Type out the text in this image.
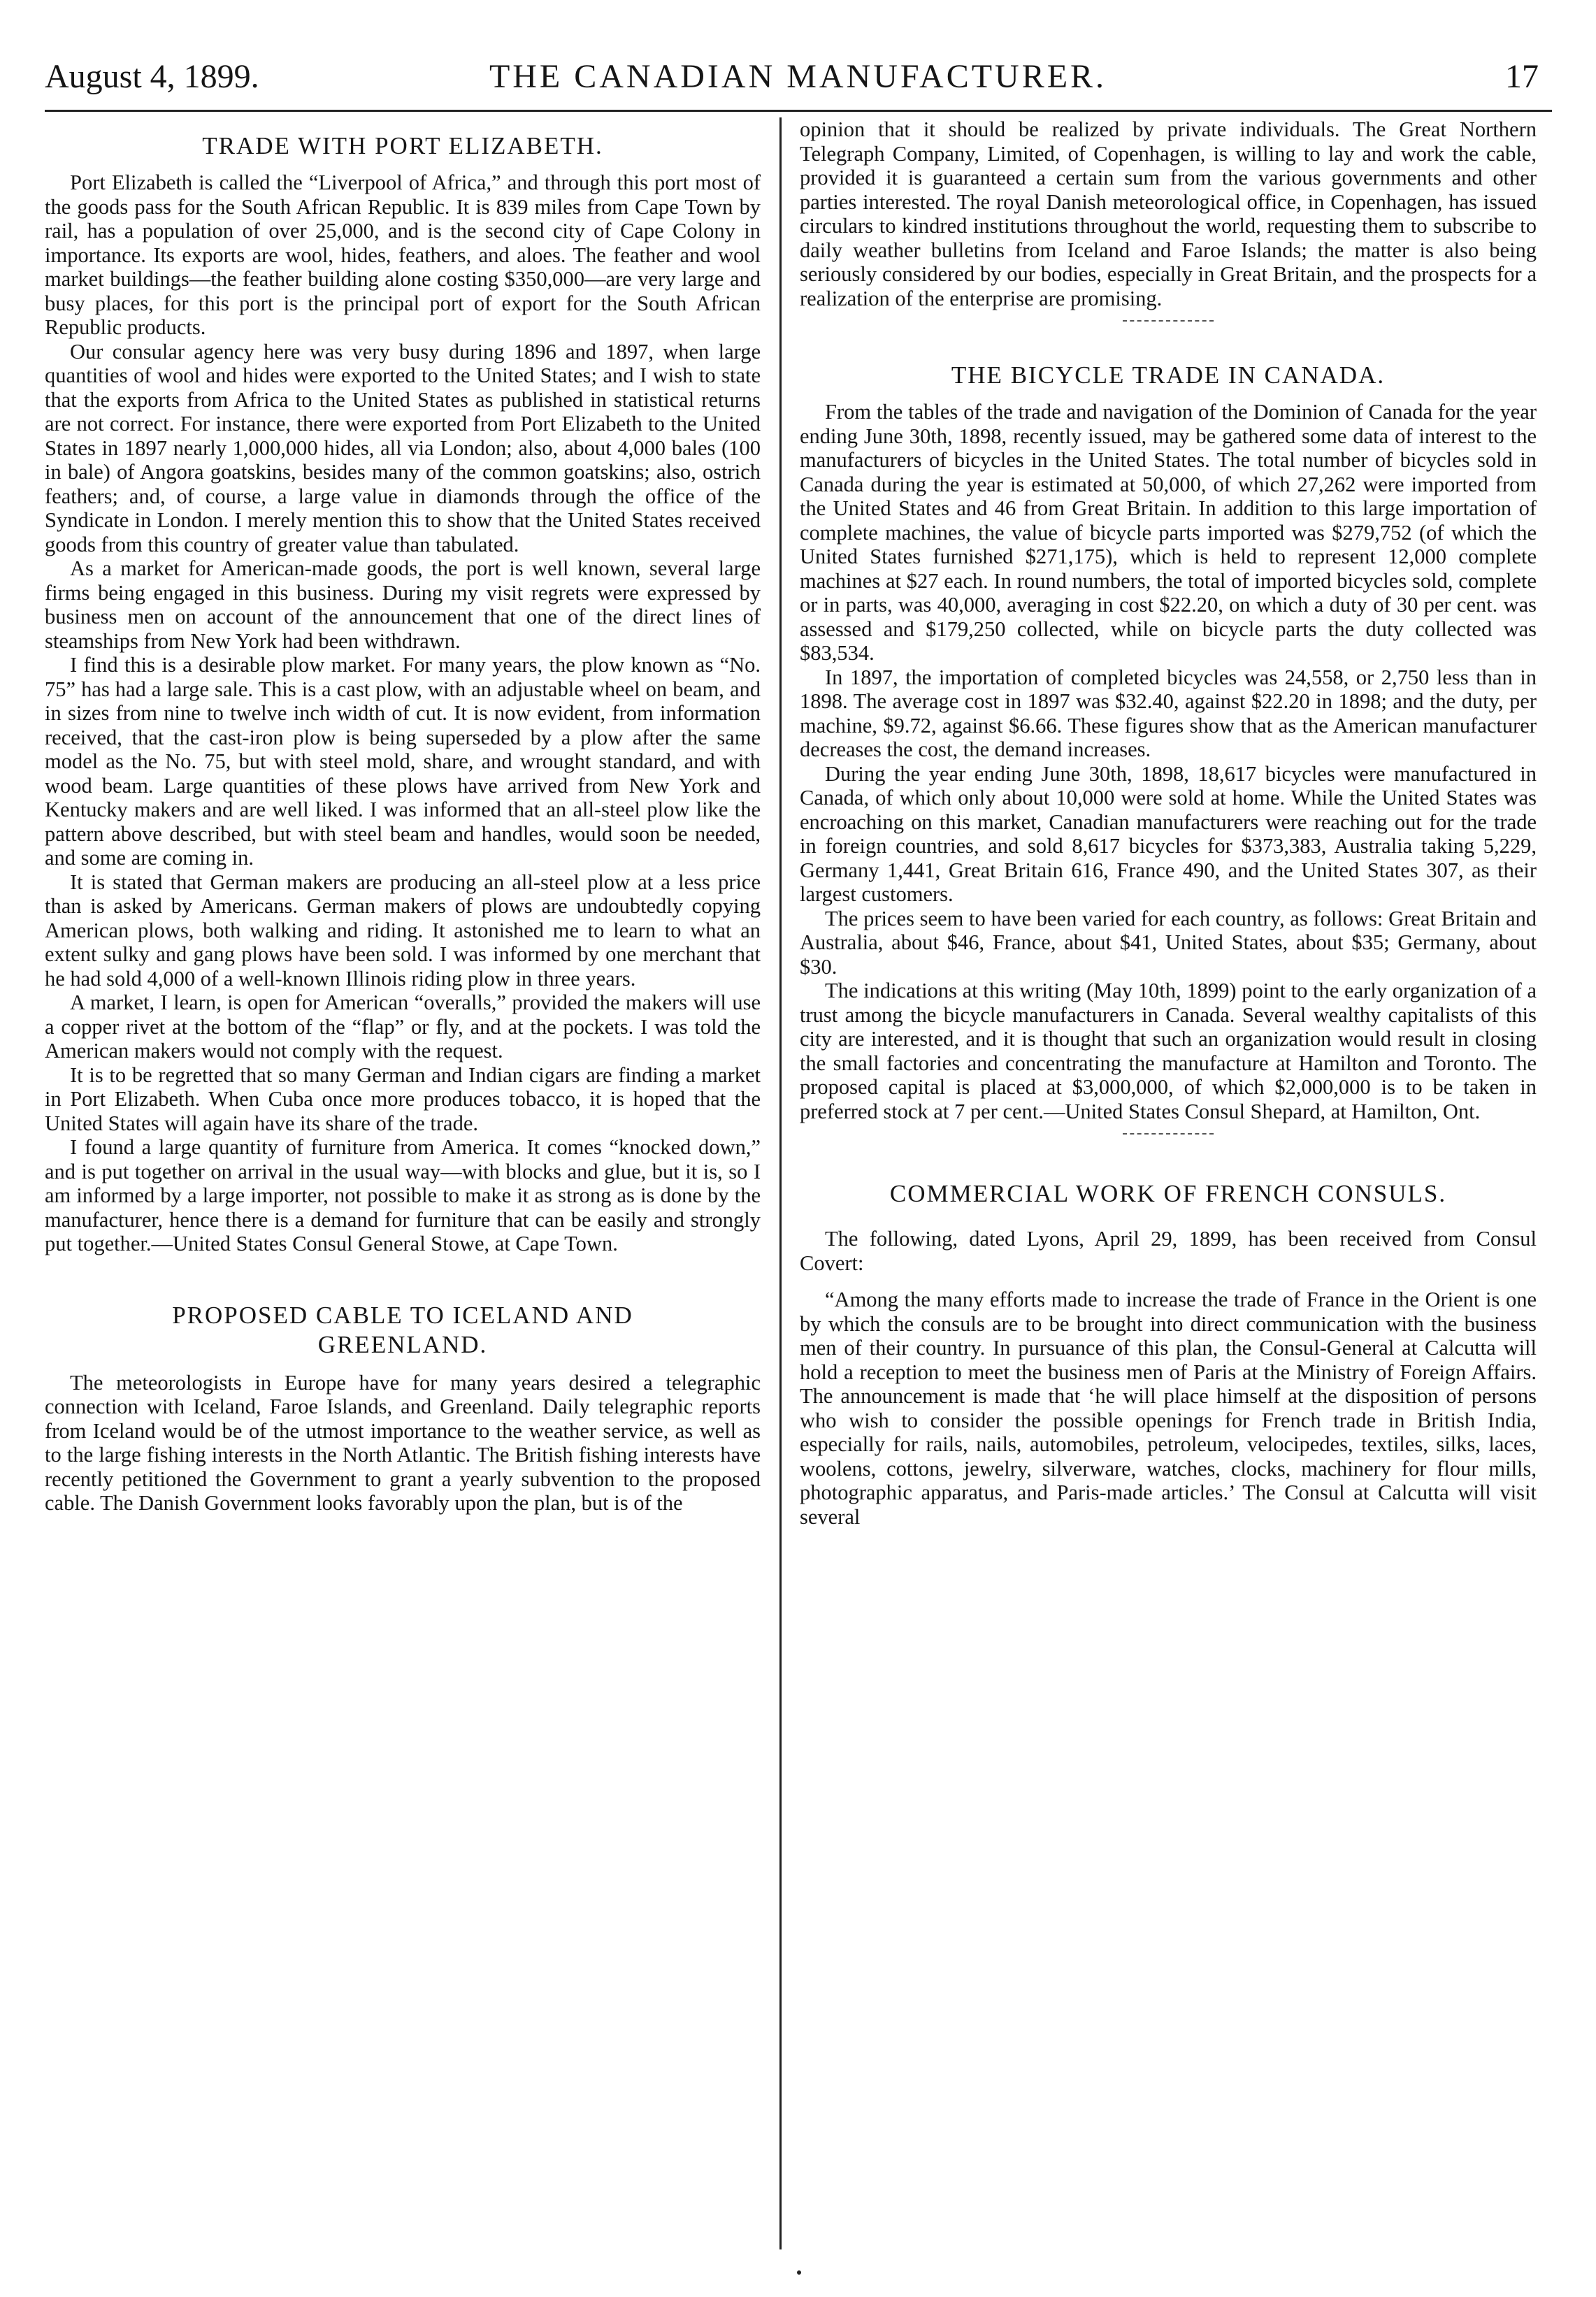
August 4, 1899.	THE CANADIAN MANUFACTURER.	17
TRADE WITH PORT ELIZABETH.

Port Elizabeth is called the “Liverpool of Africa,” and through this port most of the goods pass for the South African Republic. It is 839 miles from Cape Town by rail, has a population of over 25,000, and is the second city of Cape Colony in importance. Its exports are wool, hides, feathers, and aloes. The feather and wool market buildings—the feather building alone costing $350,000—are very large and busy places, for this port is the principal port of export for the South African Republic products.

Our consular agency here was very busy during 1896 and 1897, when large quantities of wool and hides were exported to the United States; and I wish to state that the exports from Africa to the United States as published in statistical returns are not correct. For instance, there were exported from Port Elizabeth to the United States in 1897 nearly 1,000,000 hides, all via London; also, about 4,000 bales (100 in bale) of Angora goatskins, besides many of the common goatskins; also, ostrich feathers; and, of course, a large value in diamonds through the office of the Syndicate in London. I merely mention this to show that the United States received goods from this country of greater value than tabulated.

As a market for American-made goods, the port is well known, several large firms being engaged in this business. During my visit regrets were expressed by business men on account of the announcement that one of the direct lines of steamships from New York had been withdrawn.

I find this is a desirable plow market. For many years, the plow known as “No. 75” has had a large sale. This is a cast plow, with an adjustable wheel on beam, and in sizes from nine to twelve inch width of cut. It is now evident, from information received, that the cast-iron plow is being superseded by a plow after the same model as the No. 75, but with steel mold, share, and wrought standard, and with wood beam. Large quantities of these plows have arrived from New York and Kentucky makers and are well liked. I was informed that an all-steel plow like the pattern above described, but with steel beam and handles, would soon be needed, and some are coming in.

It is stated that German makers are producing an all-steel plow at a less price than is asked by Americans. German makers of plows are undoubtedly copying American plows, both walking and riding. It astonished me to learn to what an extent sulky and gang plows have been sold. I was informed by one merchant that he had sold 4,000 of a well-known Illinois riding plow in three years.

A market, I learn, is open for American “overalls,” provided the makers will use a copper rivet at the bottom of the “flap” or fly, and at the pockets. I was told the American makers would not comply with the request.

It is to be regretted that so many German and Indian cigars are finding a market in Port Elizabeth. When Cuba once more produces tobacco, it is hoped that the United States will again have its share of the trade.

I found a large quantity of furniture from America. It comes “knocked down,” and is put together on arrival in the usual way—with blocks and glue, but it is, so I am informed by a large importer, not possible to make it as strong as is done by the manufacturer, hence there is a demand for furniture that can be easily and strongly put together.—United States Consul General Stowe, at Cape Town.

PROPOSED CABLE TO ICELAND AND
GREENLAND.

The meteorologists in Europe have for many years desired a telegraphic connection with Iceland, Faroe Islands, and Greenland. Daily telegraphic reports from Iceland would be of the utmost importance to the weather service, as well as to the large fishing interests in the North Atlantic. The British fishing interests have recently petitioned the Government to grant a yearly subvention to the proposed cable. The Danish Government looks favorably upon the plan, but is of the

opinion that it should be realized by private individuals. The Great Northern Telegraph Company, Limited, of Copenhagen, is willing to lay and work the cable, provided it is guaranteed a certain sum from the various governments and other parties interested. The royal Danish meteorological office, in Copenhagen, has issued circulars to kindred institutions throughout the world, requesting them to subscribe to daily weather bulletins from Iceland and Faroe Islands; the matter is also being seriously considered by our bodies, especially in Great Britain, and the prospects for a realization of the enterprise are promising.

THE BICYCLE TRADE IN CANADA.

From the tables of the trade and navigation of the Dominion of Canada for the year ending June 30th, 1898, recently issued, may be gathered some data of interest to the manufacturers of bicycles in the United States. The total number of bicycles sold in Canada during the year is estimated at 50,000, of which 27,262 were imported from the United States and 46 from Great Britain. In addition to this large importation of complete machines, the value of bicycle parts imported was $279,752 (of which the United States furnished $271,175), which is held to represent 12,000 complete machines at $27 each. In round numbers, the total of imported bicycles sold, complete or in parts, was 40,000, averaging in cost $22.20, on which a duty of 30 per cent. was assessed and $179,250 collected, while on bicycle parts the duty collected was $83,534.

In 1897, the importation of completed bicycles was 24,558, or 2,750 less than in 1898. The average cost in 1897 was $32.40, against $22.20 in 1898; and the duty, per machine, $9.72, against $6.66. These figures show that as the American manufacturer decreases the cost, the demand increases.

During the year ending June 30th, 1898, 18,617 bicycles were manufactured in Canada, of which only about 10,000 were sold at home. While the United States was encroaching on this market, Canadian manufacturers were reaching out for the trade in foreign countries, and sold 8,617 bicycles for $373,383, Australia taking 5,229, Germany 1,441, Great Britain 616, France 490, and the United States 307, as their largest customers.

The prices seem to have been varied for each country, as follows: Great Britain and Australia, about $46, France, about $41, United States, about $35; Germany, about $30.

The indications at this writing (May 10th, 1899) point to the early organization of a trust among the bicycle manufacturers in Canada. Several wealthy capitalists of this city are interested, and it is thought that such an organization would result in closing the small factories and concentrating the manufacture at Hamilton and Toronto. The proposed capital is placed at $3,000,000, of which $2,000,000 is to be taken in preferred stock at 7 per cent.—United States Consul Shepard, at Hamilton, Ont.

COMMERCIAL WORK OF FRENCH CONSULS.

The following, dated Lyons, April 29, 1899, has been received from Consul Covert:

“Among the many efforts made to increase the trade of France in the Orient is one by which the consuls are to be brought into direct communication with the business men of their country. In pursuance of this plan, the Consul-General at Calcutta will hold a reception to meet the business men of Paris at the Ministry of Foreign Affairs. The announcement is made that ‘he will place himself at the disposition of persons who wish to consider the possible openings for French trade in British India, especially for rails, nails, automobiles, petroleum, velocipedes, textiles, silks, laces, woolens, cottons, jewelry, silverware, watches, clocks, machinery for flour mills, photographic apparatus, and Paris-made articles.’ The Consul at Calcutta will visit several
